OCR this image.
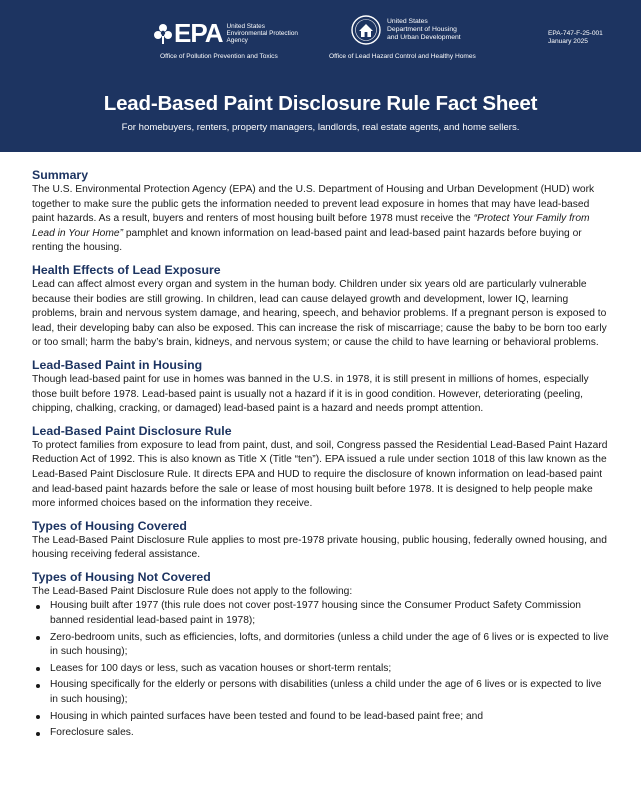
EPA United States
Environmental Protection
Agency
Office of Pollution Prevention and Toxics
United States
Department of Housing
and Urban Development
Office of Lead Hazard Control and Healthy Homes
EPA-747-F-25-001
January 2025
Lead-Based Paint Disclosure Rule Fact Sheet
For homebuyers, renters, property managers, landlords, real estate agents, and home sellers.
Summary

The U.S. Environmental Protection Agency (EPA) and the U.S. Department of Housing and Urban Development (HUD) work together to make sure the public gets the information needed to prevent lead exposure in homes that may have lead-based paint hazards. As a result, buyers and renters of most housing built before 1978 must receive the “Protect Your Family from Lead in Your Home” pamphlet and known information on lead-based paint and lead-based paint hazards before buying or renting the housing.

Health Effects of Lead Exposure

Lead can affect almost every organ and system in the human body. Children under six years old are particularly vulnerable because their bodies are still growing. In children, lead can cause delayed growth and development, lower IQ, learning problems, brain and nervous system damage, and hearing, speech, and behavior problems. If a pregnant person is exposed to lead, their developing baby can also be exposed. This can increase the risk of miscarriage; cause the baby to be born too early or too small; harm the baby’s brain, kidneys, and nervous system; or cause the child to have learning or behavioral problems.

Lead-Based Paint in Housing

Though lead-based paint for use in homes was banned in the U.S. in 1978, it is still present in millions of homes, especially those built before 1978. Lead-based paint is usually not a hazard if it is in good condition. However, deteriorating (peeling, chipping, chalking, cracking, or damaged) lead-based paint is a hazard and needs prompt attention.

Lead-Based Paint Disclosure Rule

To protect families from exposure to lead from paint, dust, and soil, Congress passed the Residential Lead-Based Paint Hazard Reduction Act of 1992. This is also known as Title X (Title “ten”). EPA issued a rule under section 1018 of this law known as the Lead-Based Paint Disclosure Rule. It directs EPA and HUD to require the disclosure of known information on lead-based paint and lead-based paint hazards before the sale or lease of most housing built before 1978. It is designed to help people make more informed choices based on the information they receive.

Types of Housing Covered

The Lead-Based Paint Disclosure Rule applies to most pre-1978 private housing, public housing, federally owned housing, and housing receiving federal assistance.

Types of Housing Not Covered

The Lead-Based Paint Disclosure Rule does not apply to the following:

Housing built after 1977 (this rule does not cover post-1977 housing since the Consumer Product Safety Commission banned residential lead-based paint in 1978);
Zero-bedroom units, such as efficiencies, lofts, and dormitories (unless a child under the age of 6 lives or is expected to live in such housing);
Leases for 100 days or less, such as vacation houses or short-term rentals;
Housing specifically for the elderly or persons with disabilities (unless a child under the age of 6 lives or is expected to live in such housing);
Housing in which painted surfaces have been tested and found to be lead-based paint free; and
Foreclosure sales.
